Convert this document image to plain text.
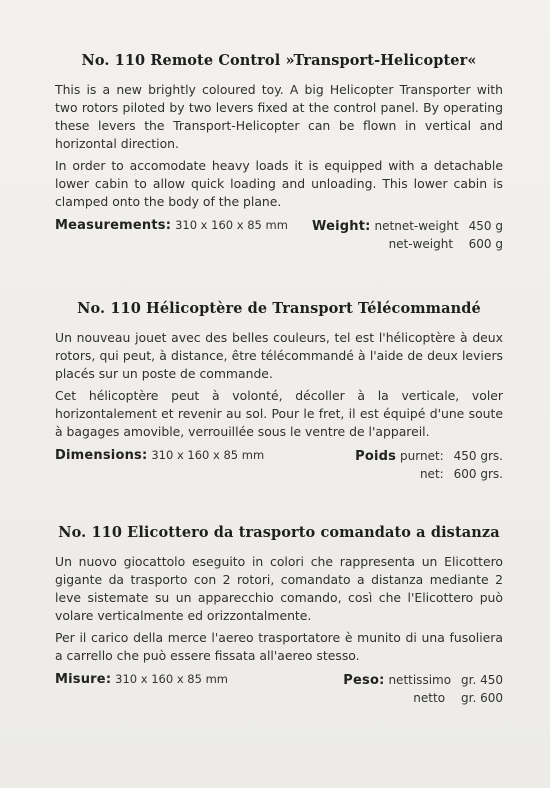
No. 110 Remote Control »Transport-Helicopter«

This is a new brightly coloured toy. A big Helicopter Transporter with two rotors piloted by two levers fixed at the control panel. By operating these levers the Transport-Helicopter can be flown in vertical and horizontal direction.

In order to accomodate heavy loads it is equipped with a detachable lower cabin to allow quick loading and unloading. This lower cabin is clamped onto the body of the plane.

Measurements: 310 x 160 x 85 mm Weight: netnet-weight 450 g
net-weight 600 g
No. 110 Hélicoptère de Transport Télécommandé

Un nouveau jouet avec des belles couleurs, tel est l'hélicoptère à deux rotors, qui peut, à distance, être télécommandé à l'aide de deux leviers placés sur un poste de commande.

Cet hélicoptère peut à volonté, décoller à la verticale, voler horizontalement et revenir au sol. Pour le fret, il est équipé d'une soute à bagages amovible, verrouillée sous le ventre de l'appareil.

Dimensions: 310 x 160 x 85 mm	Poids purnet: 450 grs.
net: 600 grs.
No. 110 Elicottero da trasporto comandato a distanza

Un nuovo giocattolo eseguito in colori che rappresenta un Elicottero gigante da trasporto con 2 rotori, comandato a distanza mediante 2 leve sistemate su un apparecchio comando, così che l'Elicottero può volare verticalmente ed orizzontalmente.

Per il carico della merce l'aereo trasportatore è munito di una fusoliera a carrello che può essere fissata all'aereo stesso.

Misure: 310 x 160 x 85 mm	Peso: nettissimo gr. 450
netto gr. 600
